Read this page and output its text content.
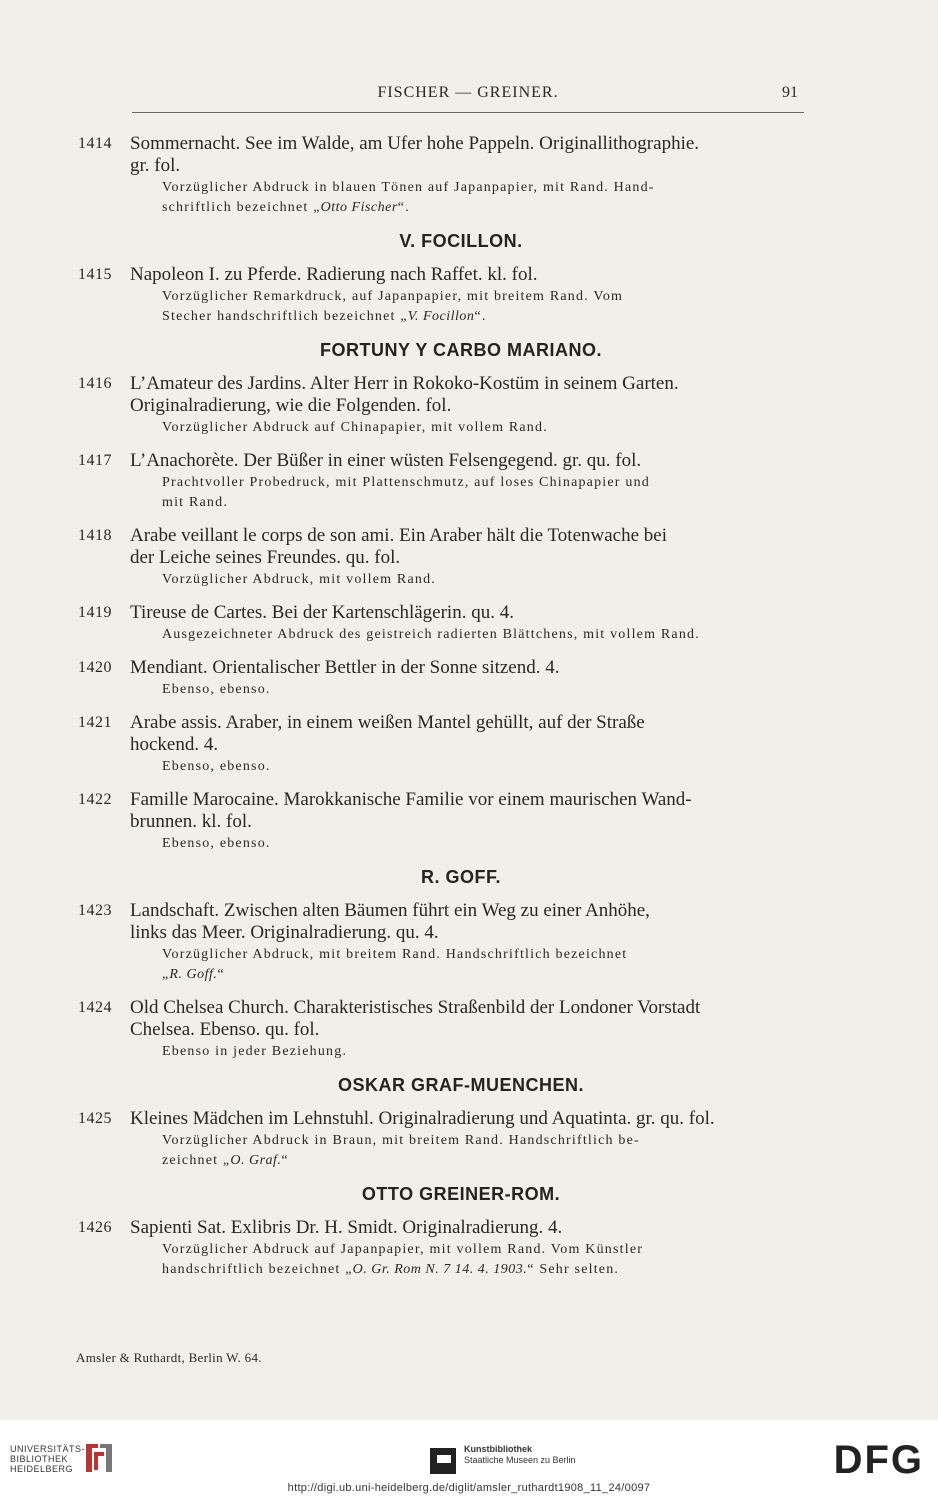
FISCHER — GREINER.	91
1414 Sommernacht. See im Walde, am Ufer hohe Pappeln. Originallithographie.
gr. fol.
Vorzüglicher Abdruck in blauen Tönen auf Japanpapier, mit Rand. Hand-
schriftlich bezeichnet „Otto Fischer“.
V. FOCILLON.
1415 Napoleon I. zu Pferde. Radierung nach Raffet. kl. fol.
Vorzüglicher Remarkdruck, auf Japanpapier, mit breitem Rand. Vom
Stecher handschriftlich bezeichnet „V. Focillon“.
FORTUNY Y CARBO MARIANO.
1416 L’Amateur des Jardins. Alter Herr in Rokoko-Kostüm in seinem Garten.
Originalradierung, wie die Folgenden. fol.
Vorzüglicher Abdruck auf Chinapapier, mit vollem Rand.
1417 L’Anachorète. Der Büßer in einer wüsten Felsengegend. gr. qu. fol.
Prachtvoller Probedruck, mit Plattenschmutz, auf loses Chinapapier und
mit Rand.
1418 Arabe veillant le corps de son ami. Ein Araber hält die Totenwache bei
der Leiche seines Freundes. qu. fol.
Vorzüglicher Abdruck, mit vollem Rand.
1419 Tireuse de Cartes. Bei der Kartenschlägerin. qu. 4.
Ausgezeichneter Abdruck des geistreich radierten Blättchens, mit vollem Rand.
1420 Mendiant. Orientalischer Bettler in der Sonne sitzend. 4.
Ebenso, ebenso.
1421 Arabe assis. Araber, in einem weißen Mantel gehüllt, auf der Straße
hockend. 4.
Ebenso, ebenso.
1422 Famille Marocaine. Marokkanische Familie vor einem maurischen Wand-
brunnen. kl. fol.
Ebenso, ebenso.
R. GOFF.
1423 Landschaft. Zwischen alten Bäumen führt ein Weg zu einer Anhöhe,
links das Meer. Originalradierung. qu. 4.
Vorzüglicher Abdruck, mit breitem Rand. Handschriftlich bezeichnet
„R. Goff.“
1424 Old Chelsea Church. Charakteristisches Straßenbild der Londoner Vorstadt
Chelsea. Ebenso. qu. fol.
Ebenso in jeder Beziehung.
OSKAR GRAF-MUENCHEN.
1425 Kleines Mädchen im Lehnstuhl. Originalradierung und Aquatinta. gr. qu. fol.
Vorzüglicher Abdruck in Braun, mit breitem Rand. Handschriftlich be-
zeichnet „O. Graf.“
OTTO GREINER-ROM.
1426 Sapienti Sat. Exlibris Dr. H. Smidt. Originalradierung. 4.
Vorzüglicher Abdruck auf Japanpapier, mit vollem Rand. Vom Künstler
handschriftlich bezeichnet „O. Gr. Rom N. 7 14. 4. 1903.“ Sehr selten.
Amsler & Ruthardt, Berlin W. 64.
UNIVERSITÄTS-
BIBLIOTHEK
HEIDELBERG
Kunstbibliothek
Staatliche Museen zu Berlin	DFG
http://digi.ub.uni-heidelberg.de/diglit/amsler_ruthardt1908_11_24/0097
